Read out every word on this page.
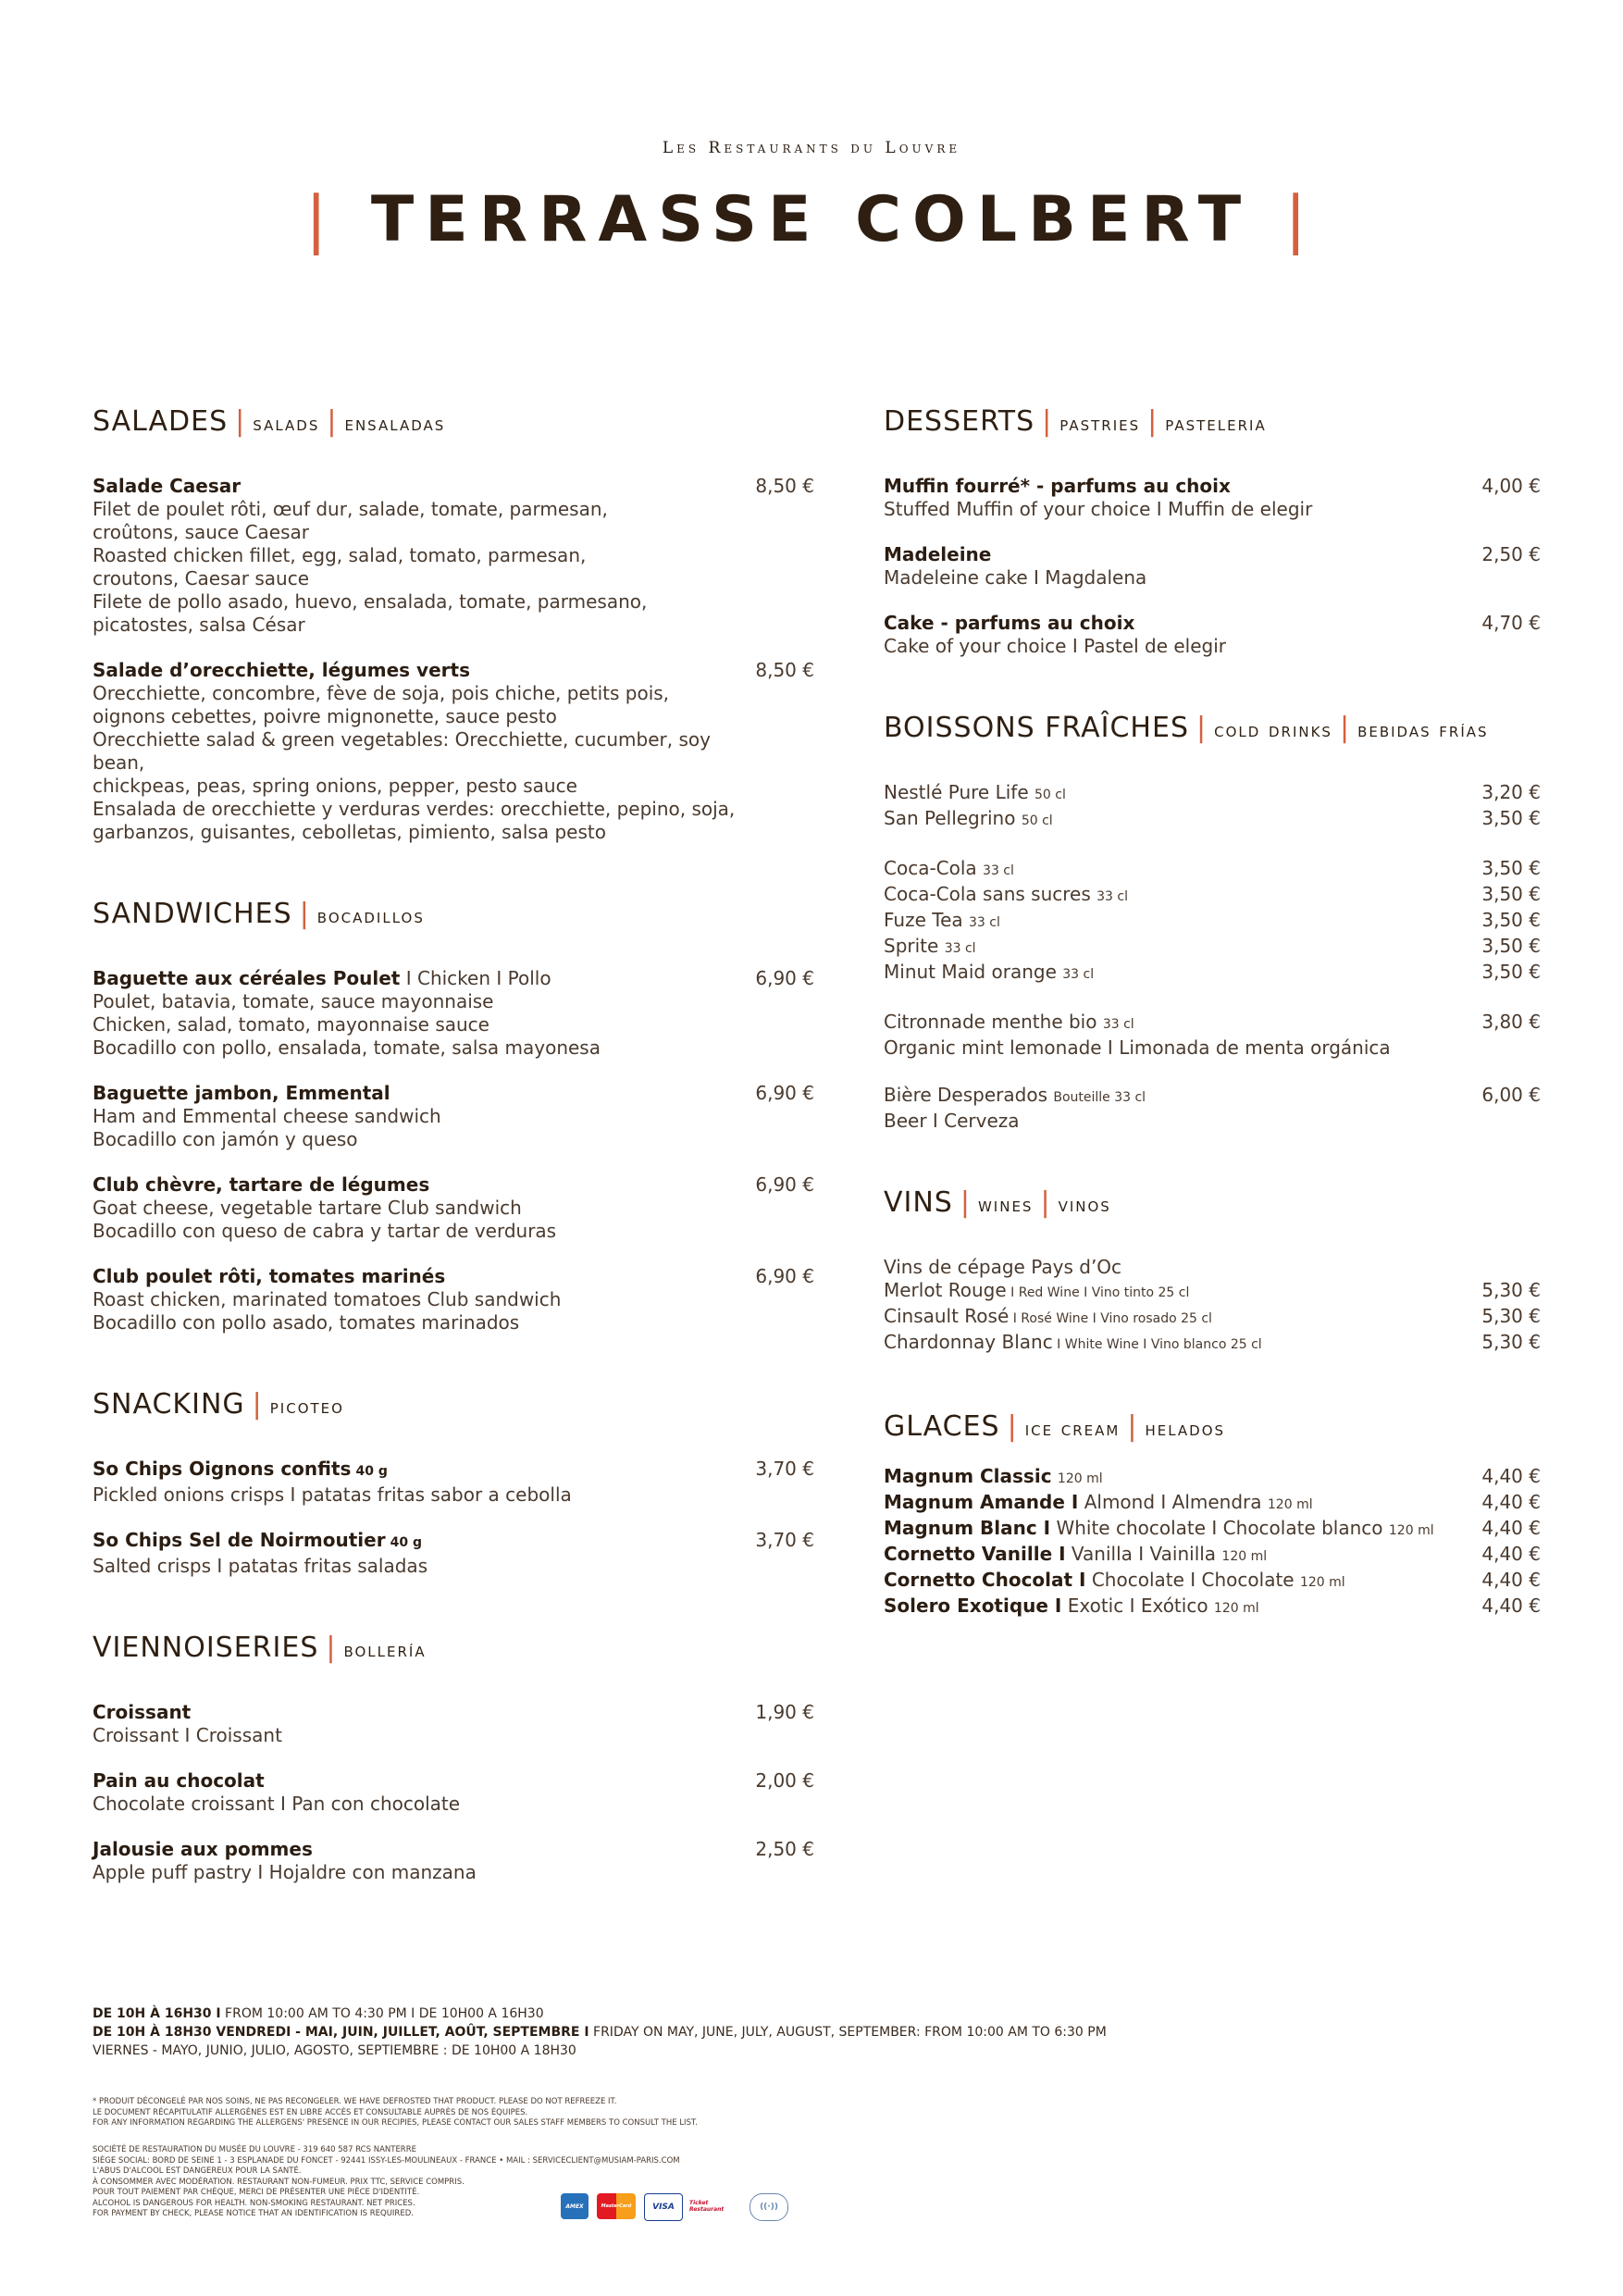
Les Restaurants du Louvre
| TERRASSE COLBERT |
SALADES | salads | ensaladas
Salade Caesar
Filet de poulet rôti, œuf dur, salade, tomate, parmesan,
croûtons, sauce Caesar
Roasted chicken fillet, egg, salad, tomato, parmesan,
croutons, Caesar sauce
Filete de pollo asado, huevo, ensalada, tomate, parmesano,
picatostes, salsa César
8,50 €
Salade d’orecchiette, légumes verts
Orecchiette, concombre, fève de soja, pois chiche, petits pois,
oignons cebettes, poivre mignonette, sauce pesto
Orecchiette salad & green vegetables: Orecchiette, cucumber, soy bean,
chickpeas, peas, spring onions, pepper, pesto sauce
Ensalada de orecchiette y verduras verdes: orecchiette, pepino, soja,
garbanzos, guisantes, cebolletas, pimiento, salsa pesto
8,50 €
SANDWICHES | bocadillos
Baguette aux céréales Poulet I Chicken I Pollo
Poulet, batavia, tomate, sauce mayonnaise
Chicken, salad, tomato, mayonnaise sauce
Bocadillo con pollo, ensalada, tomate, salsa mayonesa
6,90 €
Baguette jambon, Emmental
Ham and Emmental cheese sandwich
Bocadillo con jamón y queso
6,90 €
Club chèvre, tartare de légumes
Goat cheese, vegetable tartare Club sandwich
Bocadillo con queso de cabra y tartar de verduras
6,90 €
Club poulet rôti, tomates marinés
Roast chicken, marinated tomatoes Club sandwich
Bocadillo con pollo asado, tomates marinados
6,90 €
SNACKING | picoteo
So Chips Oignons confits 40 g
Pickled onions crisps I patatas fritas sabor a cebolla
3,70 €
So Chips Sel de Noirmoutier 40 g
Salted crisps I patatas fritas saladas
3,70 €
VIENNOISERIES | bollería
Croissant
Croissant I Croissant
1,90 €
Pain au chocolat
Chocolate croissant I Pan con chocolate
2,00 €
Jalousie aux pommes
Apple puff pastry I Hojaldre con manzana
2,50 €
DESSERTS | pastries | pasteleria
Muffin fourré* - parfums au choix
Stuffed Muffin of your choice I Muffin de elegir
4,00 €
Madeleine
Madeleine cake I Magdalena
2,50 €
Cake - parfums au choix
Cake of your choice I Pastel de elegir
4,70 €
BOISSONS FRAÎCHES | cold drinks | bebidas frías
Nestlé Pure Life 50 cl	3,20 €
San Pellegrino 50 cl	3,50 €
Coca-Cola 33 cl	3,50 €
Coca-Cola sans sucres 33 cl	3,50 €
Fuze Tea 33 cl	3,50 €
Sprite 33 cl	3,50 €
Minut Maid orange 33 cl	3,50 €
Citronnade menthe bio 33 cl	3,80 €
Organic mint lemonade I Limonada de menta orgánica
Bière Desperados Bouteille 33 cl	6,00 €
Beer I Cerveza
VINS | wines | vinos
Vins de cépage Pays d’Oc
Merlot Rouge I Red Wine I Vino tinto 25 cl	5,30 €
Cinsault Rosé I Rosé Wine I Vino rosado 25 cl	5,30 €
Chardonnay Blanc I White Wine I Vino blanco 25 cl	5,30 €
GLACES | ice cream | helados
Magnum Classic 120 ml	4,40 €
Magnum Amande I Almond I Almendra 120 ml	4,40 €
Magnum Blanc I White chocolate I Chocolate blanco 120 ml	4,40 €
Cornetto Vanille I Vanilla I Vainilla 120 ml	4,40 €
Cornetto Chocolat I Chocolate I Chocolate 120 ml	4,40 €
Solero Exotique I Exotic I Exótico 120 ml	4,40 €
DE 10H À 16H30 I FROM 10:00 AM TO 4:30 PM I DE 10H00 A 16H30
DE 10H À 18H30 VENDREDI - MAI, JUIN, JUILLET, AOÛT, SEPTEMBRE I FRIDAY ON MAY, JUNE, JULY, AUGUST, SEPTEMBER: FROM 10:00 AM TO 6:30 PM
VIERNES - MAYO, JUNIO, JULIO, AGOSTO, SEPTIEMBRE : DE 10H00 A 18H30
* PRODUIT DÉCONGELÉ PAR NOS SOINS, NE PAS RECONGELER. WE HAVE DEFROSTED THAT PRODUCT. PLEASE DO NOT REFREEZE IT.
LE DOCUMENT RÉCAPITULATIF ALLERGÈNES EST EN LIBRE ACCÈS ET CONSULTABLE AUPRÈS DE NOS ÉQUIPES.
FOR ANY INFORMATION REGARDING THE ALLERGENS' PRESENCE IN OUR RECIPIES, PLEASE CONTACT OUR SALES STAFF MEMBERS TO CONSULT THE LIST.
SOCIÉTÉ DE RESTAURATION DU MUSÉE DU LOUVRE - 319 640 587 RCS NANTERRE
SIÈGE SOCIAL: BORD DE SEINE 1 - 3 ESPLANADE DU FONCET - 92441 ISSY-LES-MOULINEAUX - FRANCE • MAIL : SERVICECLIENT@MUSIAM-PARIS.COM
L'ABUS D'ALCOOL EST DANGEREUX POUR LA SANTÉ.
À CONSOMMER AVEC MODÉRATION. RESTAURANT NON-FUMEUR. PRIX TTC, SERVICE COMPRIS.
POUR TOUT PAIEMENT PAR CHÈQUE, MERCI DE PRÉSENTER UNE PIÈCE D'IDENTITÉ.
ALCOHOL IS DANGEROUS FOR HEALTH. NON-SMOKING RESTAURANT. NET PRICES.
FOR PAYMENT BY CHECK, PLEASE NOTICE THAT AN IDENTIFICATION IS REQUIRED.
AMEX	MasterCard	VISA	Ticket Restaurant	((·))
